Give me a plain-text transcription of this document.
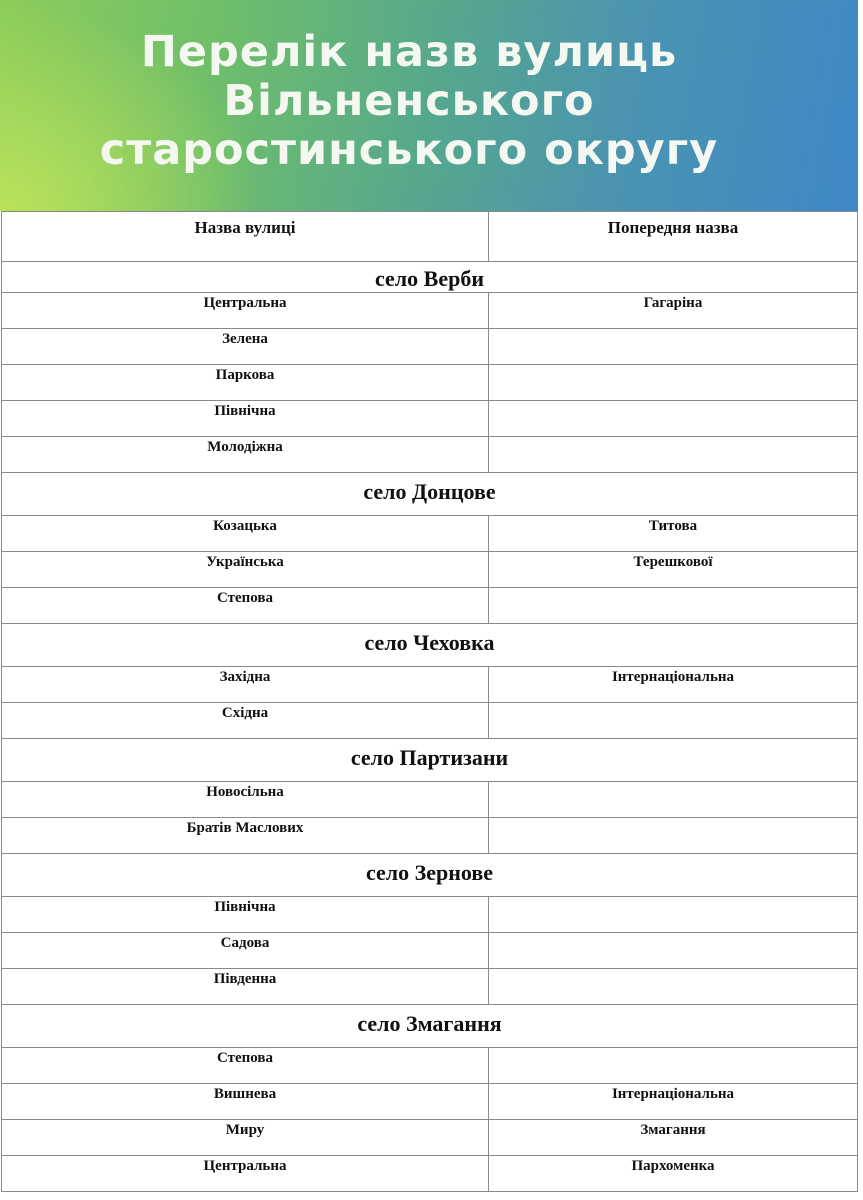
Перелік назв вулиць
Вільненського
старостинського округу
Назва вулиці	Попередня назва
село Верби	
Центральна	Гагаріна
Зелена	
Паркова	
Північна	
Молодіжна	
село Донцове	
Козацька	Титова
Українська	Терешкової
Степова	
село Чеховка	
Західна	Інтернаціональна
Східна	
село Партизани	
Новосільна	
Братів Маслових	
село Зернове	
Північна	
Садова	
Південна	
село Змагання	
Степова	
Вишнева	Інтернаціональна
Миру	Змагання
Центральна	Пархоменка
